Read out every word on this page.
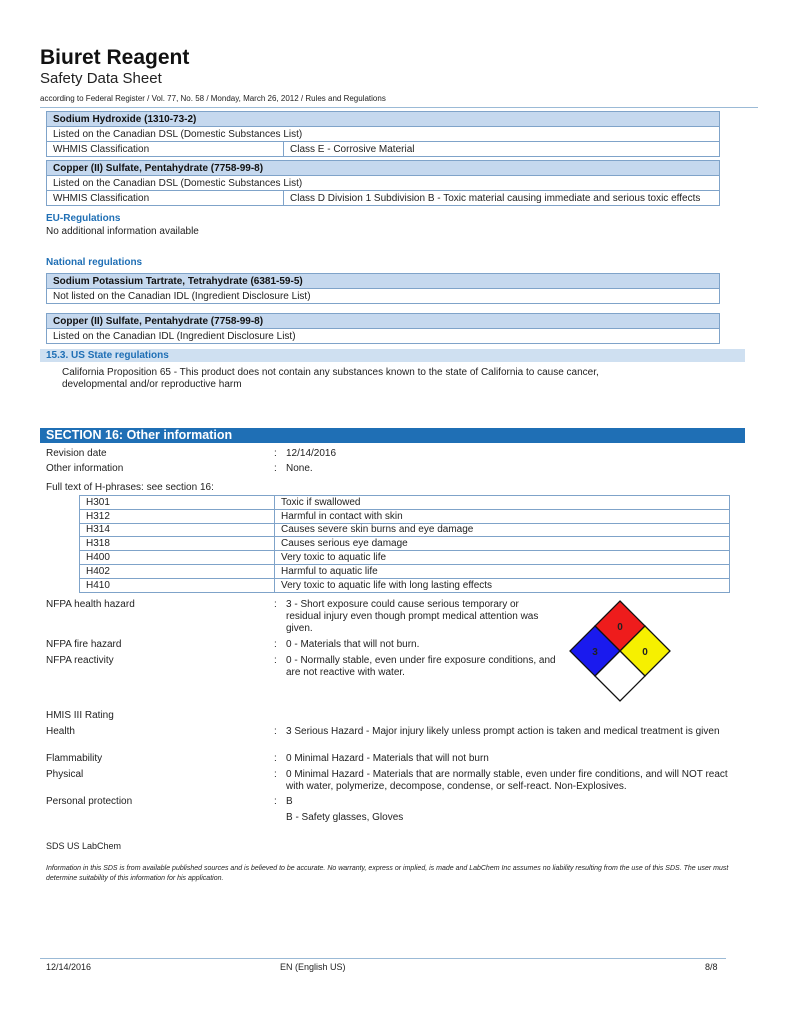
Biuret Reagent
Safety Data Sheet
according to Federal Register / Vol. 77, No. 58 / Monday, March 26, 2012 / Rules and Regulations
Sodium Hydroxide (1310-73-2)
Listed on the Canadian DSL (Domestic Substances List)
WHMIS Classification	Class E - Corrosive Material
Copper (II) Sulfate, Pentahydrate (7758-99-8)
Listed on the Canadian DSL (Domestic Substances List)
WHMIS Classification	Class D Division 1 Subdivision B - Toxic material causing immediate and serious toxic effects
EU-Regulations
No additional information available
National regulations
Sodium Potassium Tartrate, Tetrahydrate (6381-59-5)
Not listed on the Canadian IDL (Ingredient Disclosure List)
Copper (II) Sulfate, Pentahydrate (7758-99-8)
Listed on the Canadian IDL (Ingredient Disclosure List)
15.3. US State regulations
California Proposition 65 - This product does not contain any substances known to the state of California to cause cancer, developmental and/or reproductive harm
SECTION 16: Other information
Revision date	: 12/14/2016
Other information	: None.
Full text of H-phrases: see section 16:
H301	Toxic if swallowed
H312	Harmful in contact with skin
H314	Causes severe skin burns and eye damage
H318	Causes serious eye damage
H400	Very toxic to aquatic life
H402	Harmful to aquatic life
H410	Very toxic to aquatic life with long lasting effects
NFPA health hazard	: 3 - Short exposure could cause serious temporary or residual injury even though prompt medical attention was given.
NFPA fire hazard	: 0 - Materials that will not burn.
NFPA reactivity	: 0 - Normally stable, even under fire exposure conditions, and are not reactive with water.
0
3	0
HMIS III Rating
Health	: 3 Serious Hazard - Major injury likely unless prompt action is taken and medical treatment is given
Flammability	: 0 Minimal Hazard - Materials that will not burn
Physical	: 0 Minimal Hazard - Materials that are normally stable, even under fire conditions, and will NOT react with water, polymerize, decompose, condense, or self-react. Non-Explosives.
Personal protection	: B
B - Safety glasses, Gloves
SDS US LabChem
Information in this SDS is from available published sources and is believed to be accurate. No warranty, express or implied, is made and LabChem Inc assumes no liability resulting from the use of this SDS. The user must determine suitability of this information for his application.
12/14/2016	EN (English US)	8/8
